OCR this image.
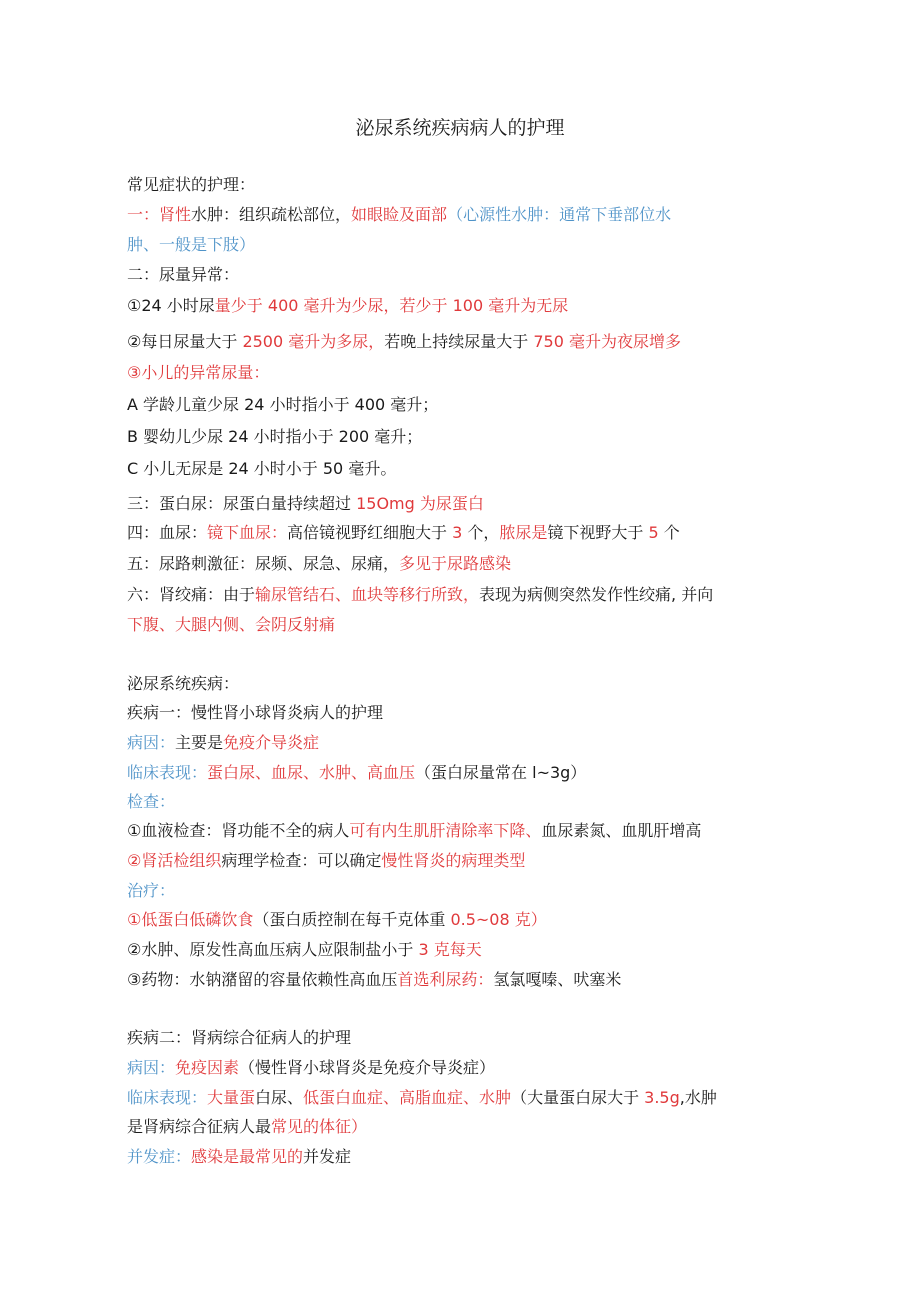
泌尿系统疾病病人的护理
常见症状的护理：
一：肾性水肿：组织疏松部位，如眼睑及面部（心源性水肿：通常下垂部位水
肿、一般是下肢）
二：尿量异常：
①24 小时尿量少于 400 毫升为少尿，若少于 100 毫升为无尿
②每日尿量大于 2500 毫升为多尿，若晚上持续尿量大于 750 毫升为夜尿增多
③小儿的异常尿量：
A 学龄儿童少尿 24 小时指小于 400 毫升；
B 婴幼儿少尿 24 小时指小于 200 毫升；
C 小儿无尿是 24 小时小于 50 毫升。
三：蛋白尿：尿蛋白量持续超过 15Omg 为尿蛋白
四：血尿：镜下血尿：高倍镜视野红细胞大于 3 个，脓尿是镜下视野大于 5 个
五：尿路刺激征：尿频、尿急、尿痛，多见于尿路感染
六：肾绞痛：由于输尿管结石、血块等移行所致，表现为病侧突然发作性绞痛, 并向
下腹、大腿内侧、会阴反射痛
泌尿系统疾病：
疾病一：慢性肾小球肾炎病人的护理
病因：主要是免疫介导炎症
临床表现：蛋白尿、血尿、水肿、高血压（蛋白尿量常在 l~3g）
检查：
①血液检查：肾功能不全的病人可有内生肌肝清除率下降、血尿素氮、血肌肝增高
②肾活检组织病理学检查：可以确定慢性肾炎的病理类型
治疗：
①低蛋白低磷饮食（蛋白质控制在每千克体重 0.5~08 克）
②水肿、原发性高血压病人应限制盐小于 3 克每天
③药物：水钠潴留的容量依赖性高血压首选利尿药：氢氯嘎嗪、吠塞米
疾病二：肾病综合征病人的护理
病因：免疫因素（慢性肾小球肾炎是免疫介导炎症）
临床表现：大量蛋白尿、低蛋白血症、高脂血症、水肿（大量蛋白尿大于 3.5g,水肿
是肾病综合征病人最常见的体征）
并发症：感染是最常见的并发症
